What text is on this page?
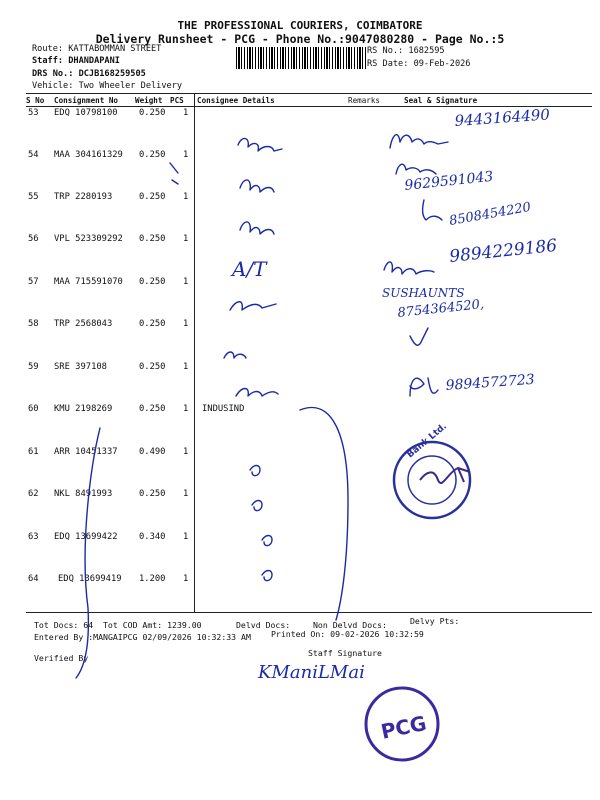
THE PROFESSIONAL COURIERS, COIMBATORE
Delivery Runsheet - PCG - Phone No.:9047080280 - Page No.:5
Route: KATTABOMMAN STREET
Staff: DHANDAPANI
DRS No.: DCJB168259505
Vehicle: Two Wheeler Delivery
RS No.: 1682595
RS Date: 09-Feb-2026
S No Consignment No Weight PCS Consignee Details	Remarks	Seal & Signature
53 EDQ 10798100 0.250 1
54 MAA 304161329 0.250 1
55 TRP 2280193	0.250 1
56 VPL 523309292 0.250 1
57 MAA 715591070 0.250 1
58 TRP 2568043	0.250 1
59 SRE 397108	0.250 1
60 KMU 2198269	0.250 1 INDUSIND
61 ARR 10451337 0.490 1
62 NKL 8491993	0.250 1
63 EDQ 13699422 0.340 1
64 EDQ 13699419 1.200 1
Tot Docs: 64 Tot COD Amt: 1239.00	Delvd Docs:	Non Delvd Docs:	Delvy Pts:
Entered By :MANGAIPCG 02/09/2026 10:32:33 AM Printed On: 09-02-2026 10:32:59
Verified By	Staff Signature
9443164490
9629591043
8508454220
A/T
9894229186
SUSHAUNTS
8754364520,
9894572723
Bank Ltd.
KManiLMai
PCG
